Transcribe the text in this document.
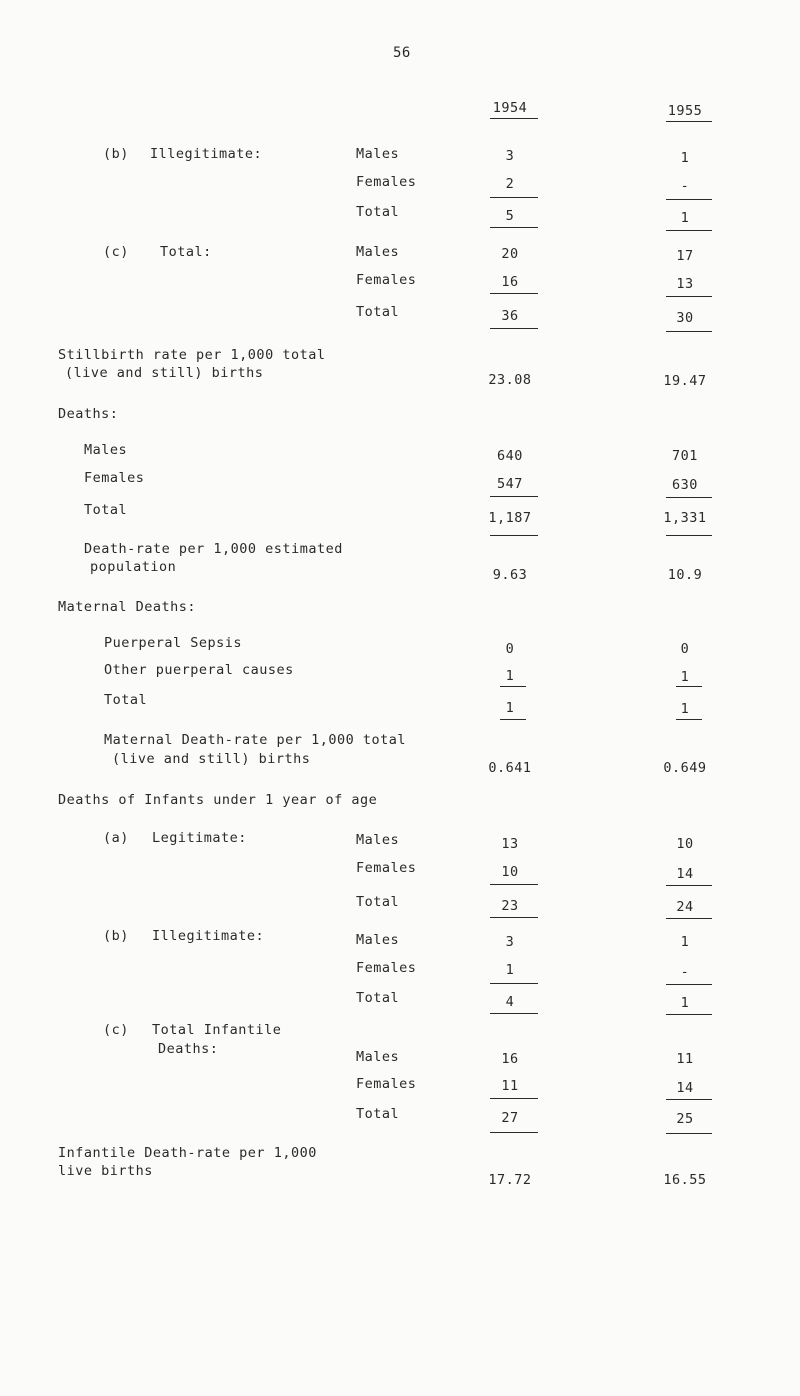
56
1954	1955
(b) Illegitimate:	Males	3	1
Females	2	-
Total	5	1
(c) Total:	Males	20	17
Females	16	13
Total	36	30
Stillbirth rate per 1,000 total
(live and still) births	23.08	19.47
Deaths:
Males	640	701
Females	547	630
Total	1,187	1,331
Death-rate per 1,000 estimated
population	9.63	10.9
Maternal Deaths:
Puerperal Sepsis	0	0
Other puerperal causes	1	1
Total	1	1
Maternal Death-rate per 1,000 total
(live and still) births
0.641	0.649
Deaths of Infants under 1 year of age
(a) Legitimate:	Males	13	10
Females	10	14
Total	23	24
(b) Illegitimate:	Males	3	1
Females	1	-
Total	4	1
(c) Total Infantile
Deaths:	Males	16	11
Females	11	14
Total	27	25
Infantile Death-rate per 1,000
live births
17.72	16.55
